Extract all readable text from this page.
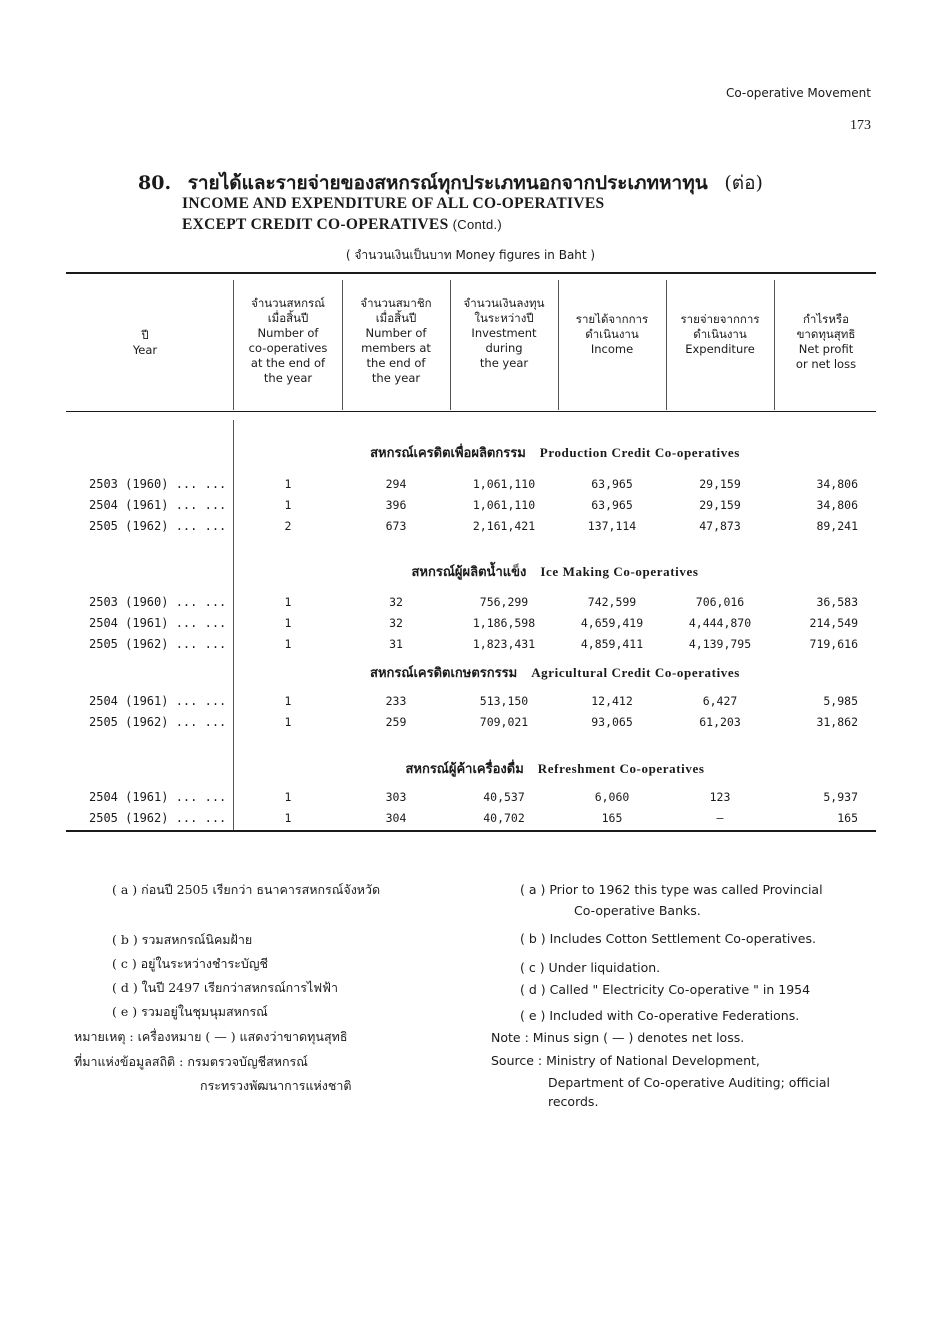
Co-operative Movement
173
80. รายได้และรายจ่ายของสหกรณ์ทุกประเภทนอกจากประเภทหาทุน (ต่อ)
INCOME AND EXPENDITURE OF ALL CO-OPERATIVES
EXCEPT CREDIT CO-OPERATIVES (Contd.)
( จำนวนเงินเป็นบาท Money figures in Baht )
ปี
Year
จำนวนสหกรณ์
เมื่อสิ้นปี
Number of
co-operatives
at the end of
the year
จำนวนสมาชิก
เมื่อสิ้นปี
Number of
members at
the end of
the year
จำนวนเงินลงทุน
ในระหว่างปี
Investment
during
the year
รายได้จากการ
ดำเนินงาน
Income
รายจ่ายจากการ
ดำเนินงาน
Expenditure
กำไรหรือ
ขาดทุนสุทธิ
Net profit
or net loss
สหกรณ์เครดิตเพื่อผลิตกรรม Production Credit Co-operatives
2503 (1960) ... ...	1	294	1,061,110	63,965	29,159	34,806
2504 (1961) ... ...	1	396	1,061,110	63,965	29,159	34,806
2505 (1962) ... ...	2	673	2,161,421	137,114	47,873	89,241
สหกรณ์ผู้ผลิตน้ำแข็ง Ice Making Co-operatives
2503 (1960) ... ...	1	32	756,299	742,599	706,016	36,583
2504 (1961) ... ...	1	32	1,186,598	4,659,419	4,444,870	214,549
2505 (1962) ... ...	1	31	1,823,431	4,859,411	4,139,795	719,616
สหกรณ์เครดิตเกษตรกรรม Agricultural Credit Co-operatives
2504 (1961) ... ...	1	233	513,150	12,412	6,427	5,985
2505 (1962) ... ...	1	259	709,021	93,065	61,203	31,862
สหกรณ์ผู้ค้าเครื่องดื่ม Refreshment Co-operatives
2504 (1961) ... ...	1	303	40,537	6,060	123	5,937
2505 (1962) ... ...	1	304	40,702	165	—	165
( a ) ก่อนปี 2505 เรียกว่า ธนาคารสหกรณ์จังหวัด
( b ) รวมสหกรณ์นิคมฝ้าย
( c ) อยู่ในระหว่างชำระบัญชี
( d ) ในปี 2497 เรียกว่าสหกรณ์การไฟฟ้า
( e ) รวมอยู่ในชุมนุมสหกรณ์
หมายเหตุ : เครื่องหมาย ( — ) แสดงว่าขาดทุนสุทธิ
ที่มาแห่งข้อมูลสถิติ : กรมตรวจบัญชีสหกรณ์
กระทรวงพัฒนาการแห่งชาติ
( a ) Prior to 1962 this type was called Provincial
Co-operative Banks.
( b ) Includes Cotton Settlement Co-operatives.
( c ) Under liquidation.
( d ) Called " Electricity Co-operative " in 1954
( e ) Included with Co-operative Federations.
Note : Minus sign ( — ) denotes net loss.
Source : Ministry of National Development,
Department of Co-operative Auditing; official
records.
